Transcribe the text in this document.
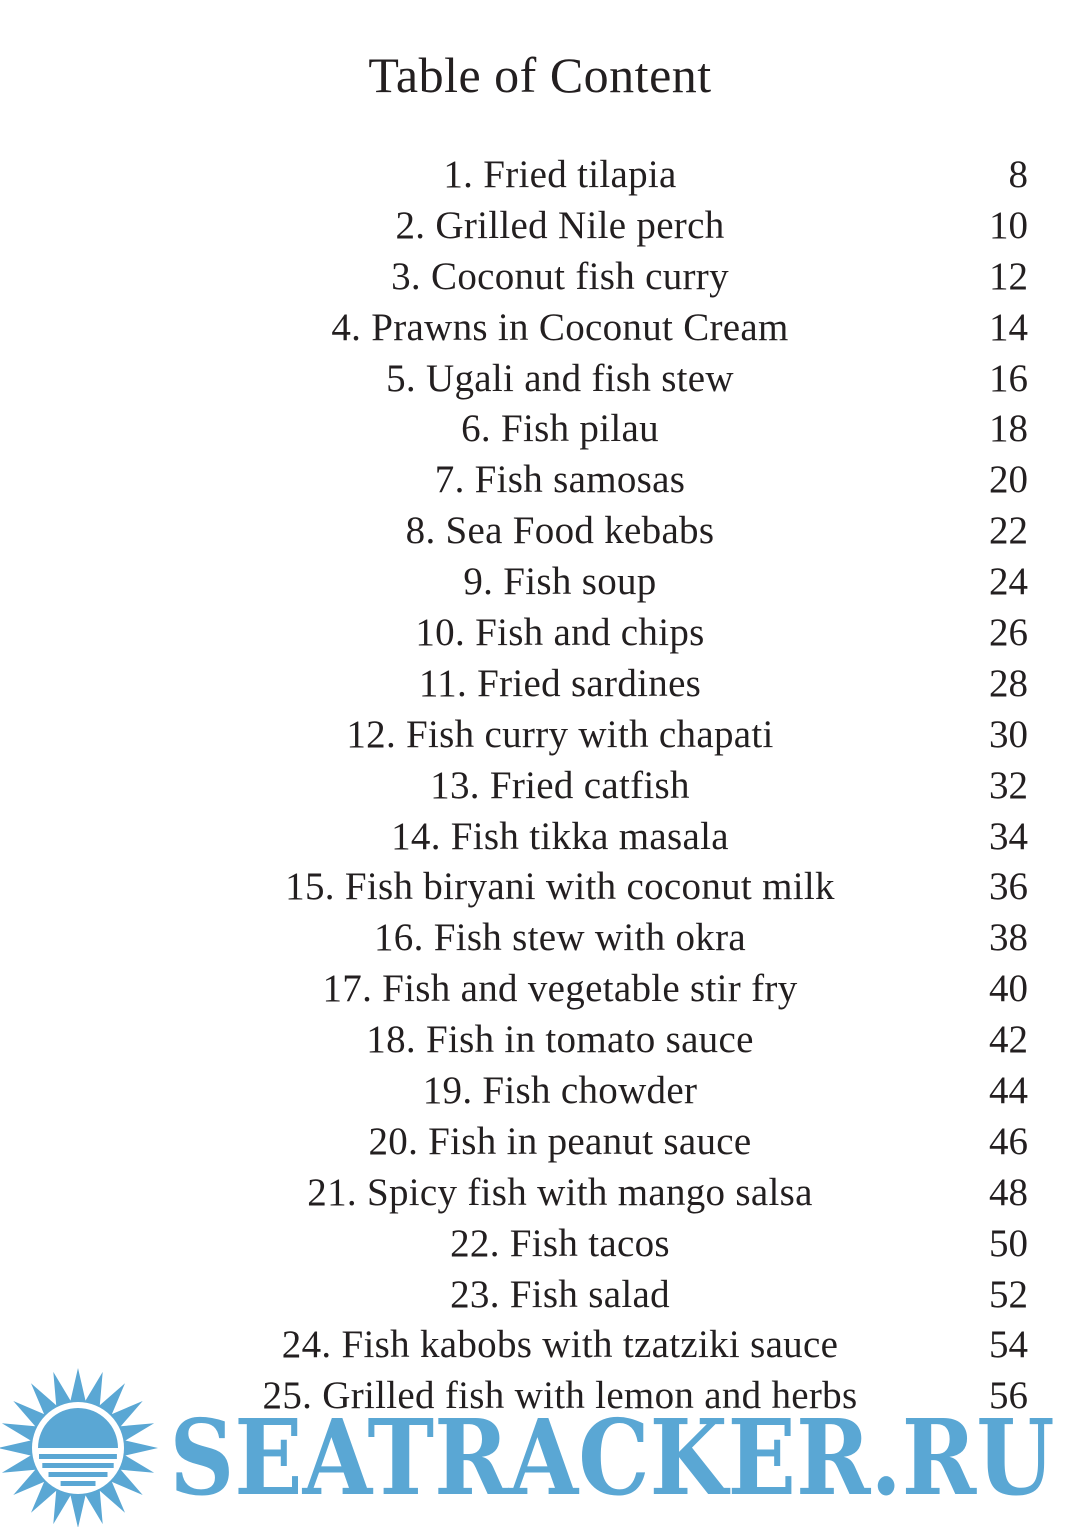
Table of Content
1. Fried tilapia	8
2. Grilled Nile perch	10
3. Coconut fish curry	12
4. Prawns in Coconut Cream	14
5. Ugali and fish stew	16
6. Fish pilau	18
7. Fish samosas	20
8. Sea Food kebabs	22
9. Fish soup	24
10. Fish and chips	26
11. Fried sardines	28
12. Fish curry with chapati	30
13. Fried catfish	32
14. Fish tikka masala	34
15. Fish biryani with coconut milk	36
16. Fish stew with okra	38
17. Fish and vegetable stir fry	40
18. Fish in tomato sauce	42
19. Fish chowder	44
20. Fish in peanut sauce	46
21. Spicy fish with mango salsa	48
22. Fish tacos	50
23. Fish salad	52
24. Fish kabobs with tzatziki sauce	54
25. Grilled fish with lemon and herbs	56
SEATRACKER.RU
